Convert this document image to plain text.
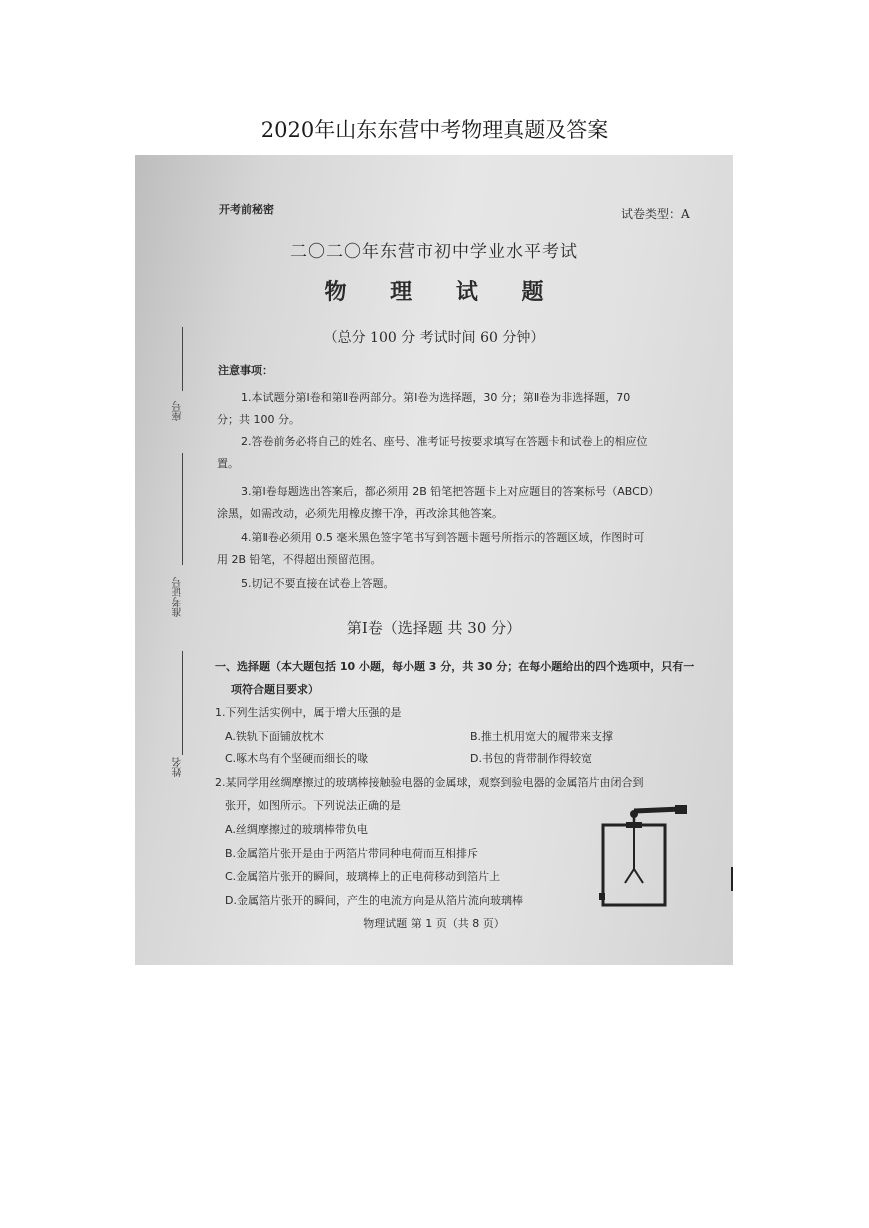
2020年山东东营中考物理真题及答案
开考前秘密	试卷类型：A
二〇二〇年东营市初中学业水平考试
物 理 试 题
（总分 100 分 考试时间 60 分钟）
注意事项：
1.本试题分第Ⅰ卷和第Ⅱ卷两部分。第Ⅰ卷为选择题，30 分；第Ⅱ卷为非选择题，70
分；共 100 分。
2.答卷前务必将自己的姓名、座号、准考证号按要求填写在答题卡和试卷上的相应位
置。
3.第Ⅰ卷每题选出答案后，都必须用 2B 铅笔把答题卡上对应题目的答案标号（ABCD）
涂黑，如需改动，必须先用橡皮擦干净，再改涂其他答案。
4.第Ⅱ卷必须用 0.5 毫米黑色签字笔书写到答题卡题号所指示的答题区域，作图时可
用 2B 铅笔，不得超出预留范围。
5.切记不要直接在试卷上答题。
第Ⅰ卷（选择题 共 30 分）
一、选择题（本大题包括 10 小题，每小题 3 分，共 30 分；在每小题给出的四个选项中，只有一
项符合题目要求）
1.下列生活实例中，属于增大压强的是
A.铁轨下面铺放枕木	B.推土机用宽大的履带来支撑
C.啄木鸟有个坚硬而细长的喙	D.书包的背带制作得较宽
2.某同学用丝绸摩擦过的玻璃棒接触验电器的金属球，观察到验电器的金属箔片由闭合到
张开，如图所示。下列说法正确的是
A.丝绸摩擦过的玻璃棒带负电
B.金属箔片张开是由于两箔片带同种电荷而互相排斥
C.金属箔片张开的瞬间，玻璃棒上的正电荷移动到箔片上
D.金属箔片张开的瞬间，产生的电流方向是从箔片流向玻璃棒
物理试题 第 1 页（共 8 页）
座号
准考证号
姓名
